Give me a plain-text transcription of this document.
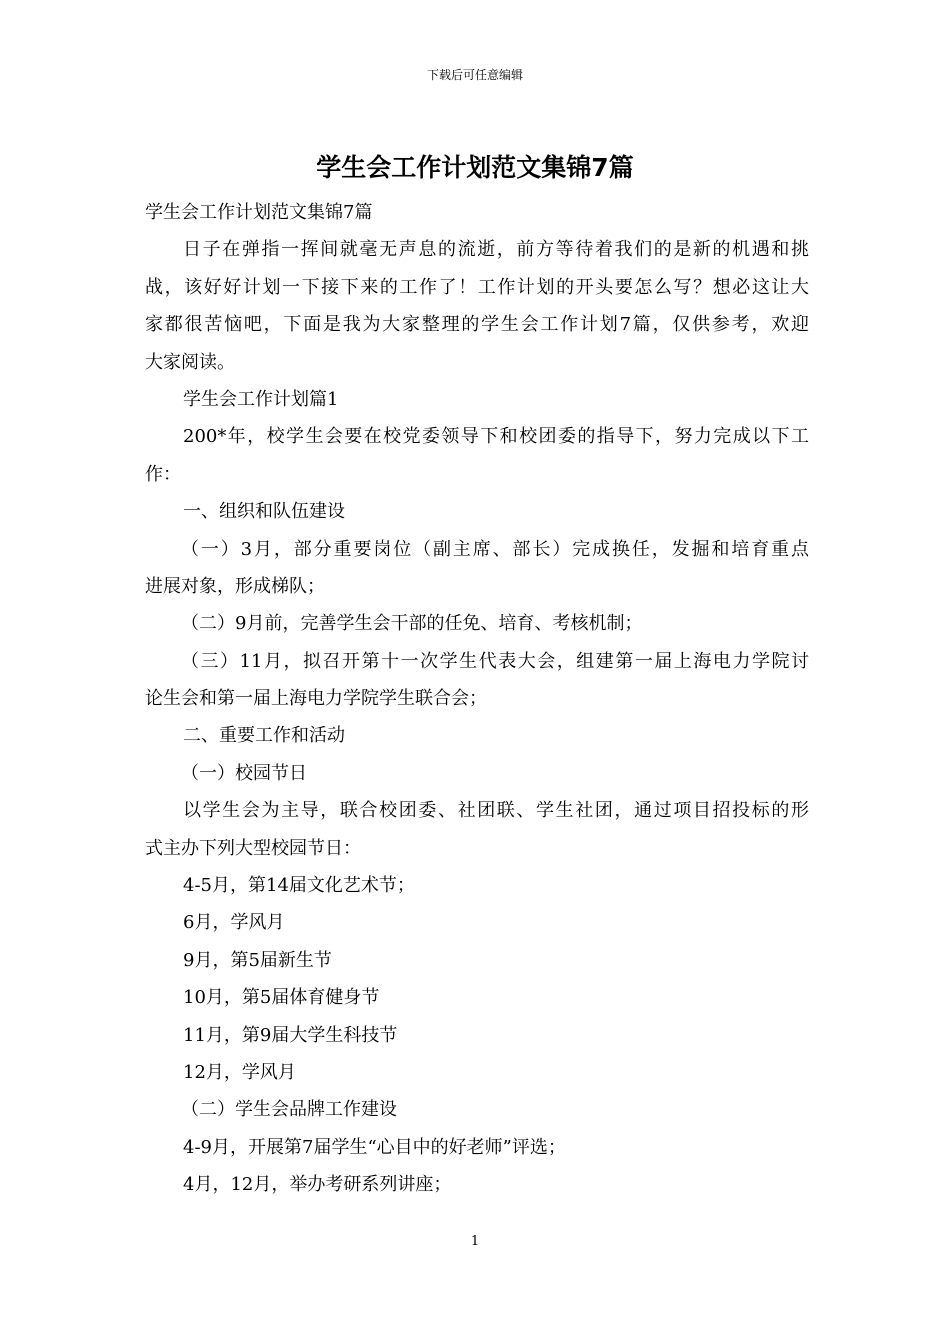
下载后可任意编辑
学生会工作计划范文集锦7篇
学生会工作计划范文集锦7篇
日子在弹指一挥间就毫无声息的流逝，前方等待着我们的是新的机遇和挑
战，该好好计划一下接下来的工作了！工作计划的开头要怎么写？想必这让大
家都很苦恼吧，下面是我为大家整理的学生会工作计划7篇，仅供参考，欢迎
大家阅读。
学生会工作计划篇1
200*年，校学生会要在校党委领导下和校团委的指导下，努力完成以下工
作：
一、组织和队伍建设
（一）3月，部分重要岗位（副主席、部长）完成换任，发掘和培育重点
进展对象，形成梯队；
（二）9月前，完善学生会干部的任免、培育、考核机制；
（三）11月，拟召开第十一次学生代表大会，组建第一届上海电力学院讨
论生会和第一届上海电力学院学生联合会；
二、重要工作和活动
（一）校园节日
以学生会为主导，联合校团委、社团联、学生社团，通过项目招投标的形
式主办下列大型校园节日：
4-5月，第14届文化艺术节；
6月，学风月
9月，第5届新生节
10月，第5届体育健身节
11月，第9届大学生科技节
12月，学风月
（二）学生会品牌工作建设
4-9月，开展第7届学生“心目中的好老师”评选；
4月，12月，举办考研系列讲座；
1
